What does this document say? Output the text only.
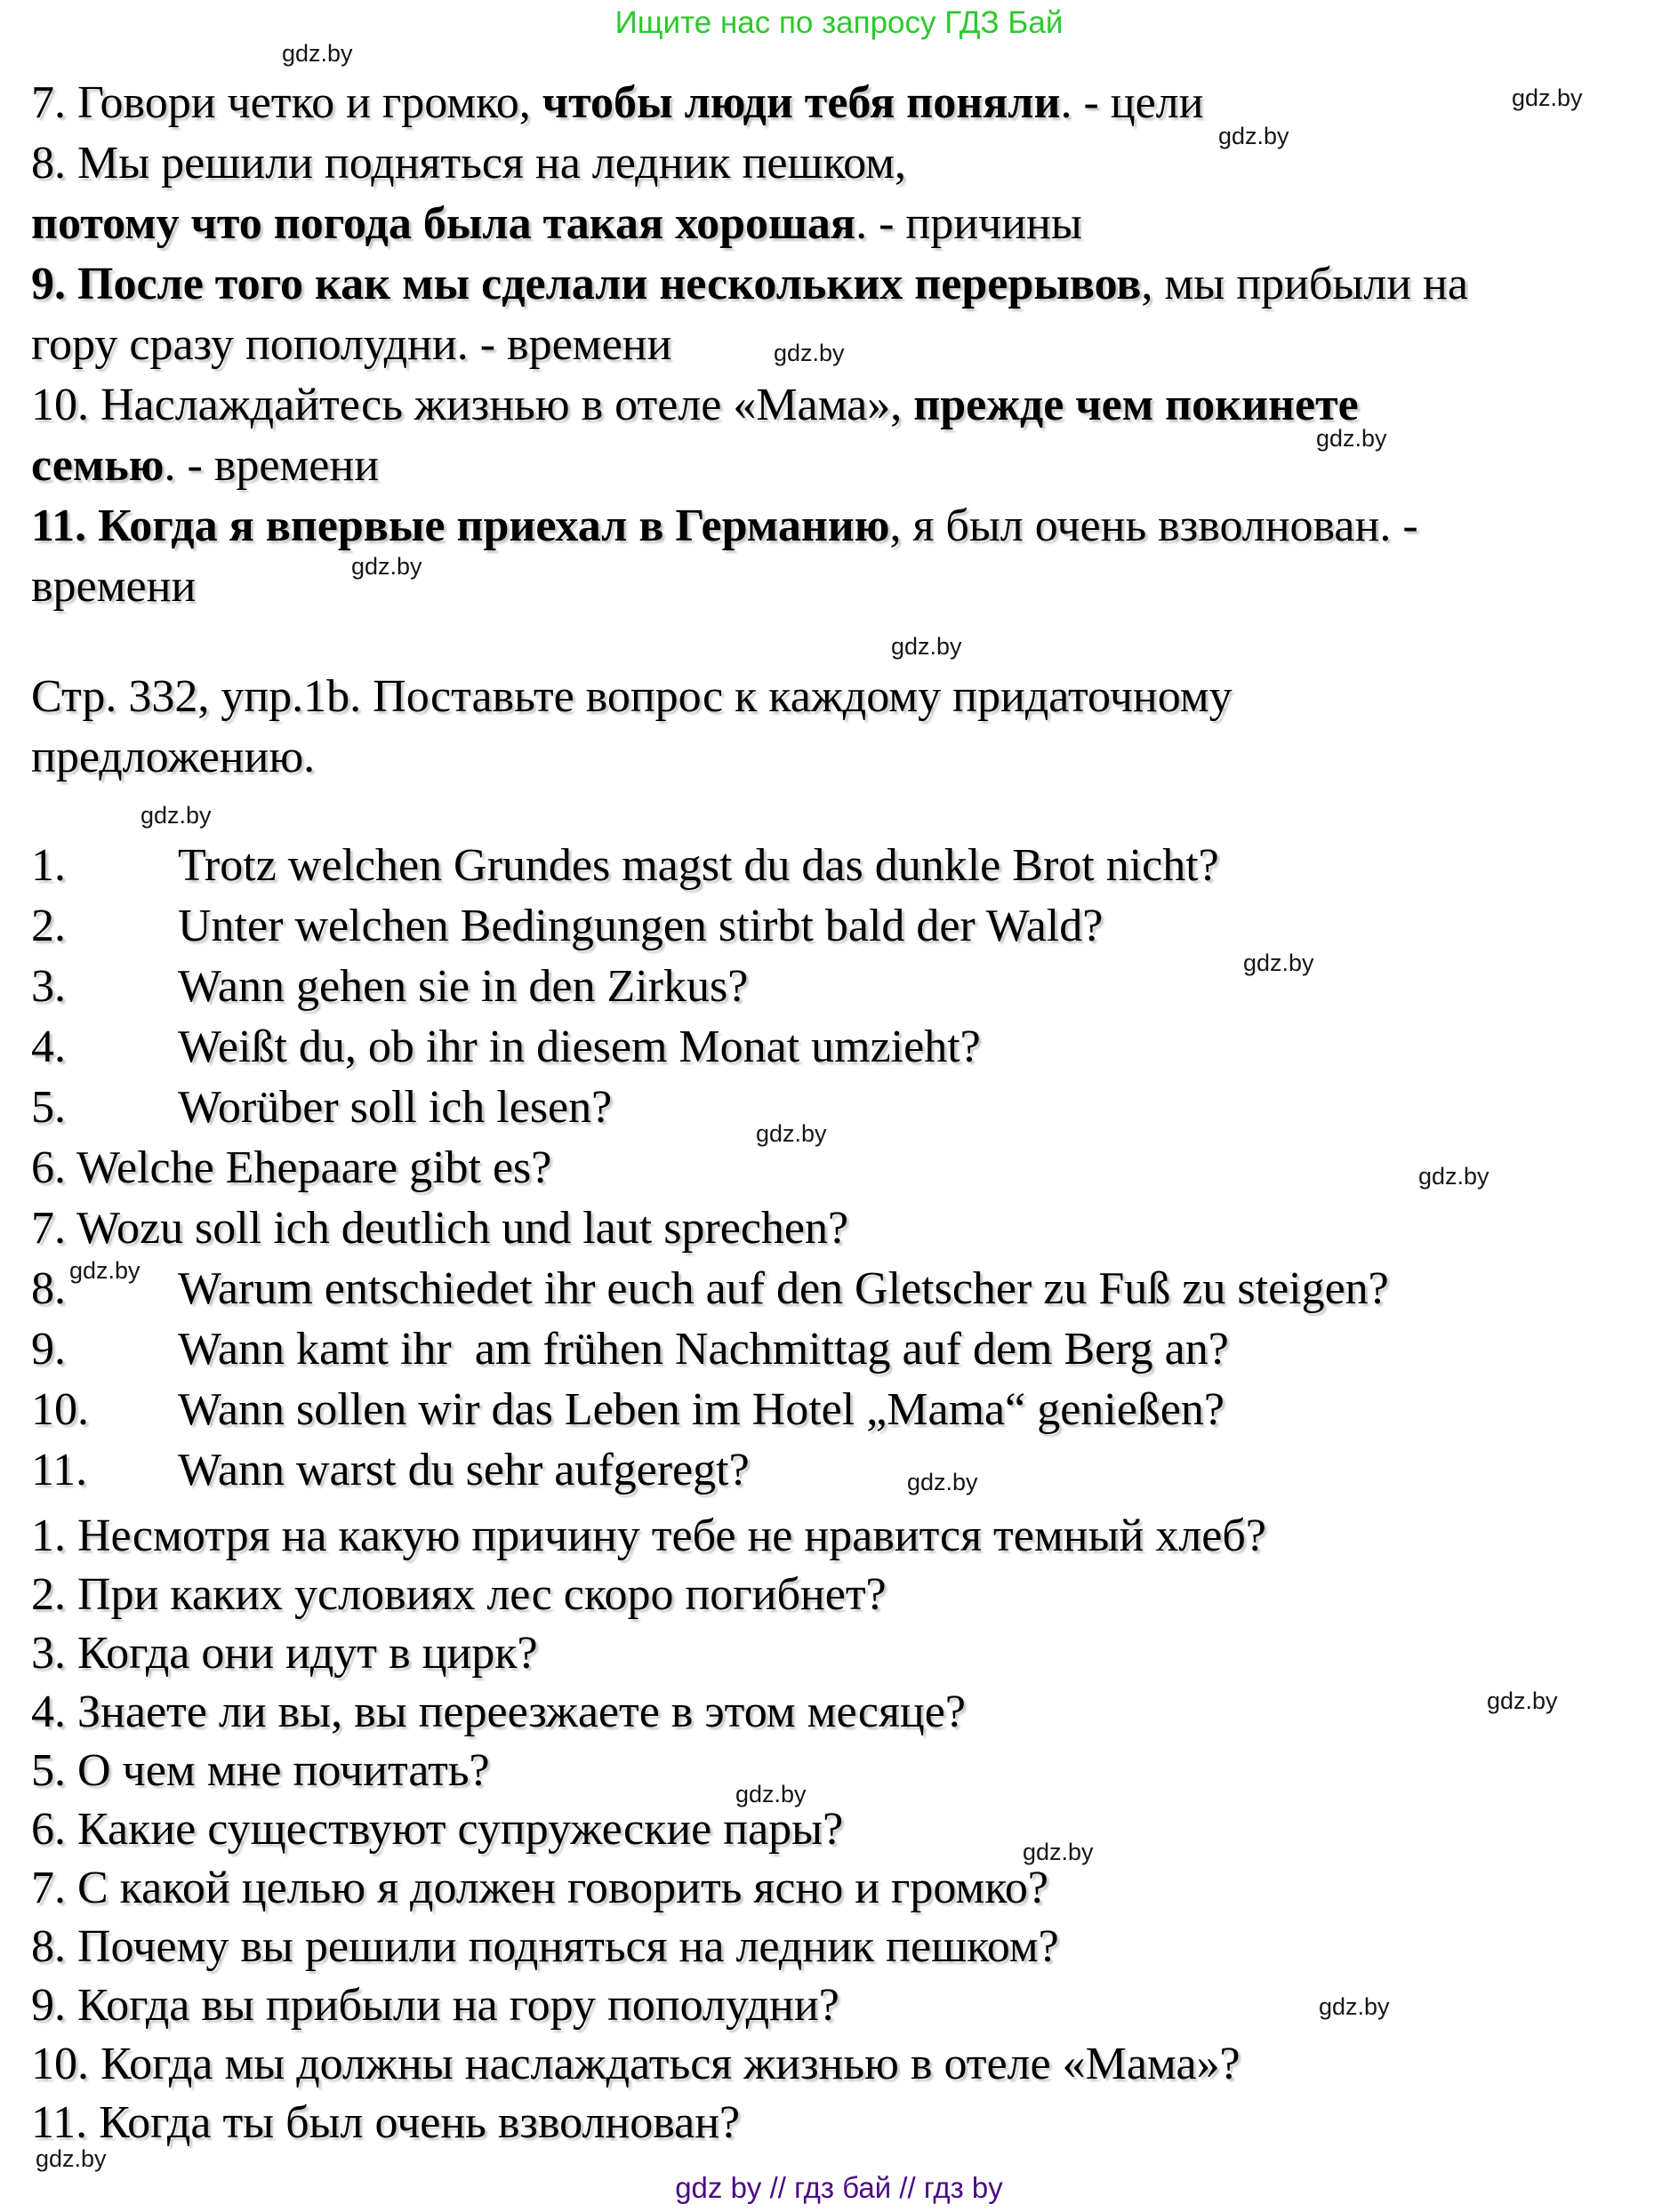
Ищите нас по запросу ГДЗ Бай
7. Говори четко и громко, чтобы люди тебя поняли. - цели
8. Мы решили подняться на ледник пешком,
потому что погода была такая хорошая. - причины
9. После того как мы сделали нескольких перерывов, мы прибыли на
гору сразу пополудни. - времени
10. Наслаждайтесь жизнью в отеле «Мама», прежде чем покинете
семью. - времени
11. Когда я впервые приехал в Германию, я был очень взволнован. -
времени
Стр. 332, упр.1b. Поставьте вопрос к каждому придаточному
предложению.
1. Trotz welchen Grundes magst du das dunkle Brot nicht?
2. Unter welchen Bedingungen stirbt bald der Wald?
3. Wann gehen sie in den Zirkus?
4. Weißt du, ob ihr in diesem Monat umzieht?
5. Worüber soll ich lesen?
6. Welche Ehepaare gibt es?
7. Wozu soll ich deutlich und laut sprechen?
8. Warum entschiedet ihr euch auf den Gletscher zu Fuß zu steigen?
9. Wann kamt ihr  am frühen Nachmittag auf dem Berg an?
10. Wann sollen wir das Leben im Hotel „Mama“ genießen?
11. Wann warst du sehr aufgeregt?
1. Несмотря на какую причину тебе не нравится темный хлеб?
2. При каких условиях лес скоро погибнет?
3. Когда они идут в цирк?
4. Знаете ли вы, вы переезжаете в этом месяце?
5. О чем мне почитать?
6. Какие существуют супружеские пары?
7. С какой целью я должен говорить ясно и громко?
8. Почему вы решили подняться на ледник пешком?
9. Когда вы прибыли на гору пополудни?
10. Когда мы должны наслаждаться жизнью в отеле «Мама»?
11. Когда ты был очень взволнован?
gdz by // гдз бай // гдз by
gdz.by
gdz.by
gdz.by
gdz.by
gdz.by
gdz.by
gdz.by
gdz.by
gdz.by
gdz.by
gdz.by
gdz.by
gdz.by
gdz.by
gdz.by
gdz.by
gdz.by
gdz.by
